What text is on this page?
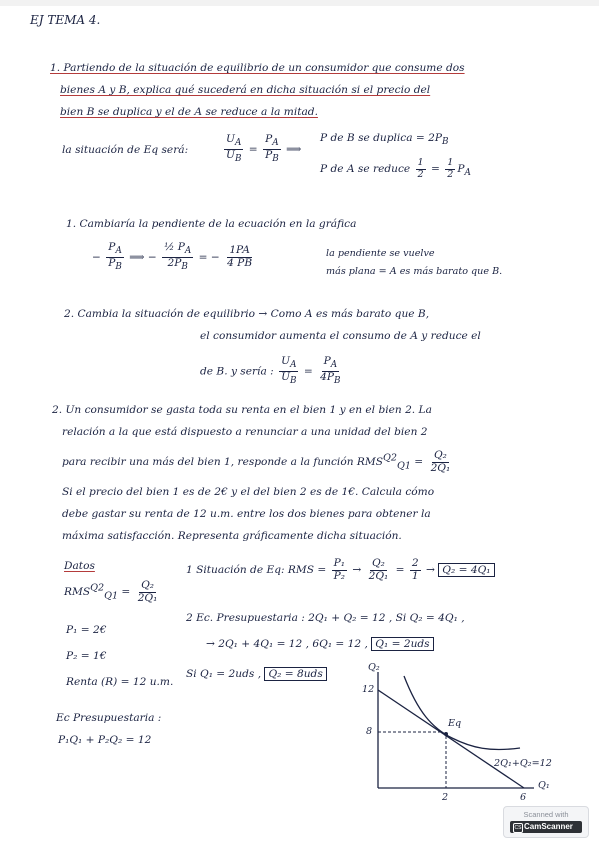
EJ TEMA 4.
1. Partiendo de la situación de equilibrio de un consumidor que consume dos
bienes A y B, explica qué sucederá en dicha situación si el precio del
bien B se duplica y el de A se reduce a la mitad.
la situación de Eq será:	$\frac{U_A}{U_B} = \frac{P_A}{P_B}$ ⟹
P de B se duplica = $2P_B$
P de A se reduce $\frac{1}{2} = \frac{1}{2} P_A$
1. Cambiaría la pendiente de la ecuación en la gráfica
− $\frac{P_A}{P_B}$ ⟹ − $\frac{\frac{1}{2} P_A}{2P_B}$ = − $\frac{1PA}{4 PB}$	la pendiente se vuelve
más plana = A es más barato que B.
2. Cambia la situación de equilibrio → Como A es más barato que B,
el consumidor aumenta el consumo de A y reduce el
de B. y sería : $\frac{U_A}{U_B} = \frac{P_A}{4P_B}$
2. Un consumidor se gasta toda su renta en el bien 1 y en el bien 2. La
relación a la que está dispuesto a renunciar a una unidad del bien 2
para recibir una más del bien 1, responde a la función $RMS^{Q2}_{Q1} = \frac{\text{Q₂}}{\text{2Q₁}}$
Si el precio del bien 1 es de 2€ y el del bien 2 es de 1€. Calcula cómo
debe gastar su renta de 12 u.m. entre los dos bienes para obtener la
máxima satisfacción. Representa gráficamente dicha situación.
Datos
$RMS^{Q2}_{Q1} = \frac{\text{Q₂}}{\text{2Q₁}}$
P₁ = 2€
P₂ = 1€
Renta (R) = 12 u.m.
Ec Presupuestaria :
P₁Q₁ + P₂Q₂ = 12
1 Situación de Eq: RMS = $\frac{\text{P₁}}{\text{P₂}} \to \frac{\text{Q₂}}{\text{2Q₁}} = \frac{2}{1} \to Q_2 = 4Q_1$
2 Ec. Presupuestaria : 2Q₁ + Q₂ = 12 , Si Q₂ = 4Q₁ ,
→ 2Q₁ + 4Q₁ = 12 , 6Q₁ = 12 , Q₁ = 2uds
Si Q₁ = 2uds , Q₂ = 8uds
Q₂
Q₁
12
8
2	6
Eq
2Q₁+Q₂=12
Scanned with
CS CamScanner
